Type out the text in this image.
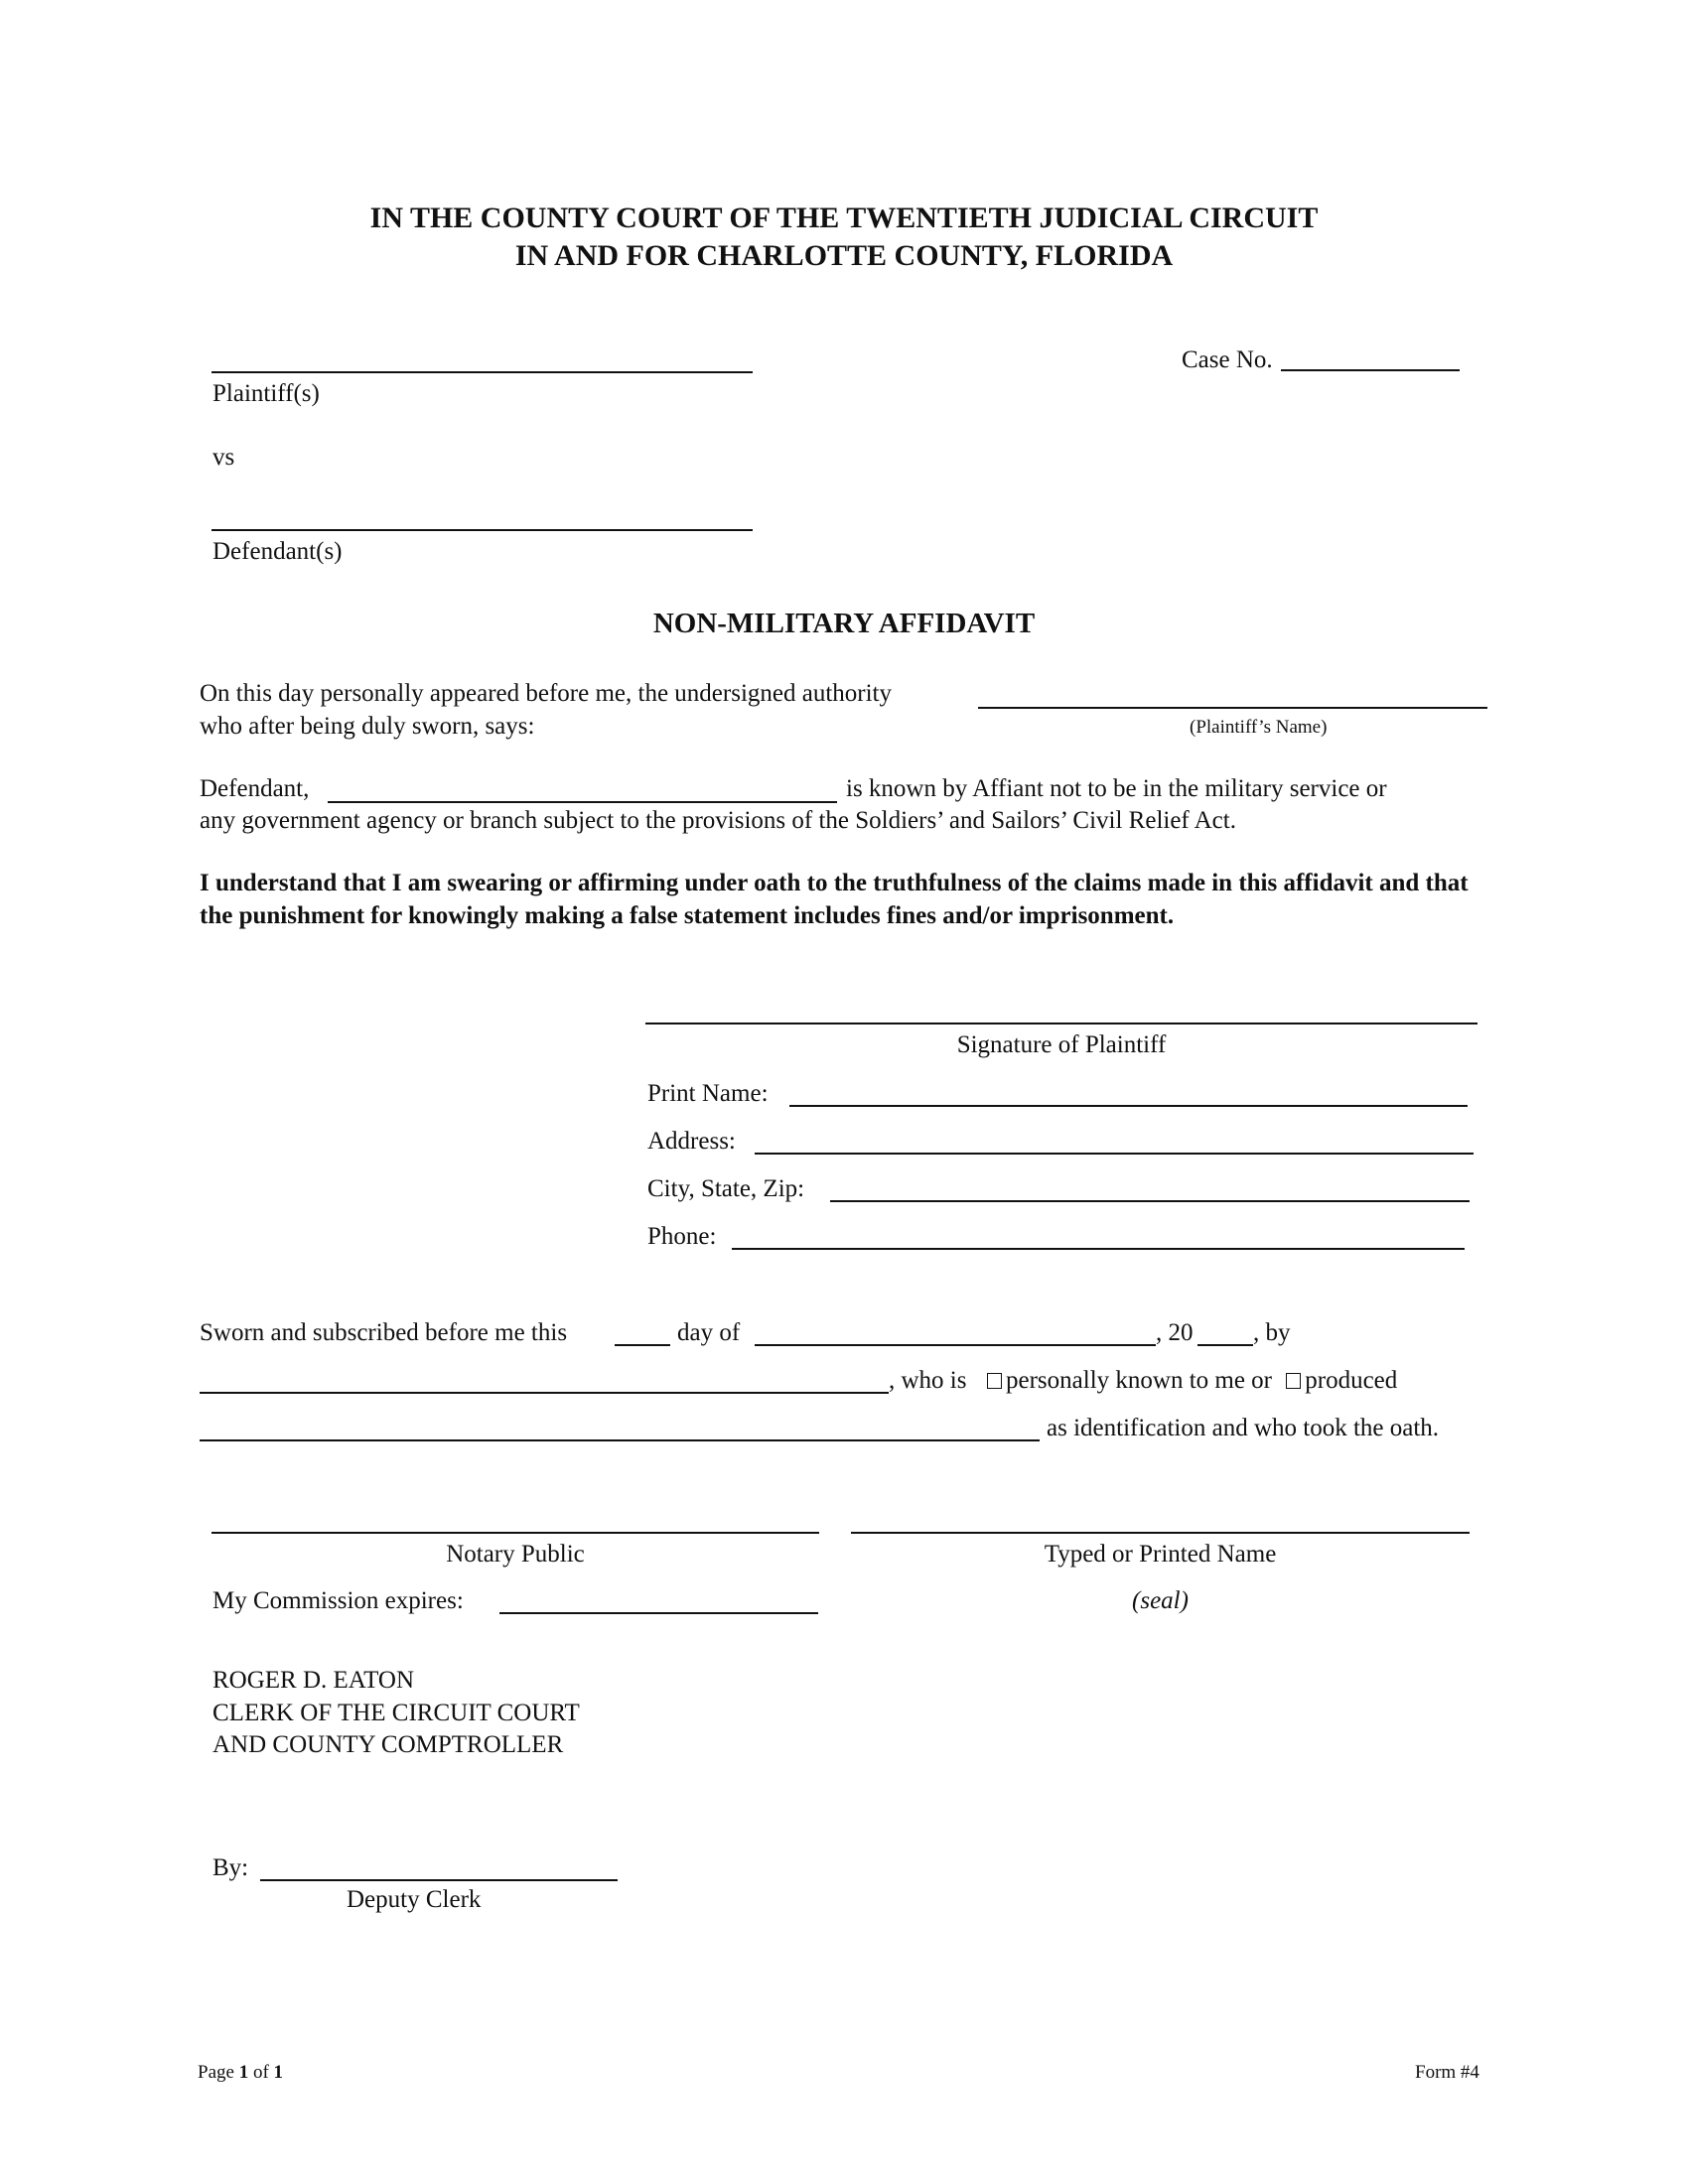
IN THE COUNTY COURT OF THE TWENTIETH JUDICIAL CIRCUIT
IN AND FOR CHARLOTTE COUNTY, FLORIDA
Case No.
Plaintiff(s)
vs
Defendant(s)
NON-MILITARY AFFIDAVIT
On this day personally appeared before me, the undersigned authority
who after being duly sworn, says:	(Plaintiff’s Name)
Defendant,	is known by Affiant not to be in the military service or
any government agency or branch subject to the provisions of the Soldiers’ and Sailors’ Civil Relief Act.
I understand that I am swearing or affirming under oath to the truthfulness of the claims made in this affidavit and that the punishment for knowingly making a false statement includes fines and/or imprisonment.
Signature of Plaintiff
Print Name:
Address:
City, State, Zip:
Phone:
Sworn and subscribed before me this	day of	, 20 , by
, who is	personally known to me or produced
as identification and who took the oath.
Notary Public	Typed or Printed Name
My Commission expires:	(seal)
ROGER D. EATON
CLERK OF THE CIRCUIT COURT
AND COUNTY COMPTROLLER
By:
Deputy Clerk
Page 1 of 1	Form #4
